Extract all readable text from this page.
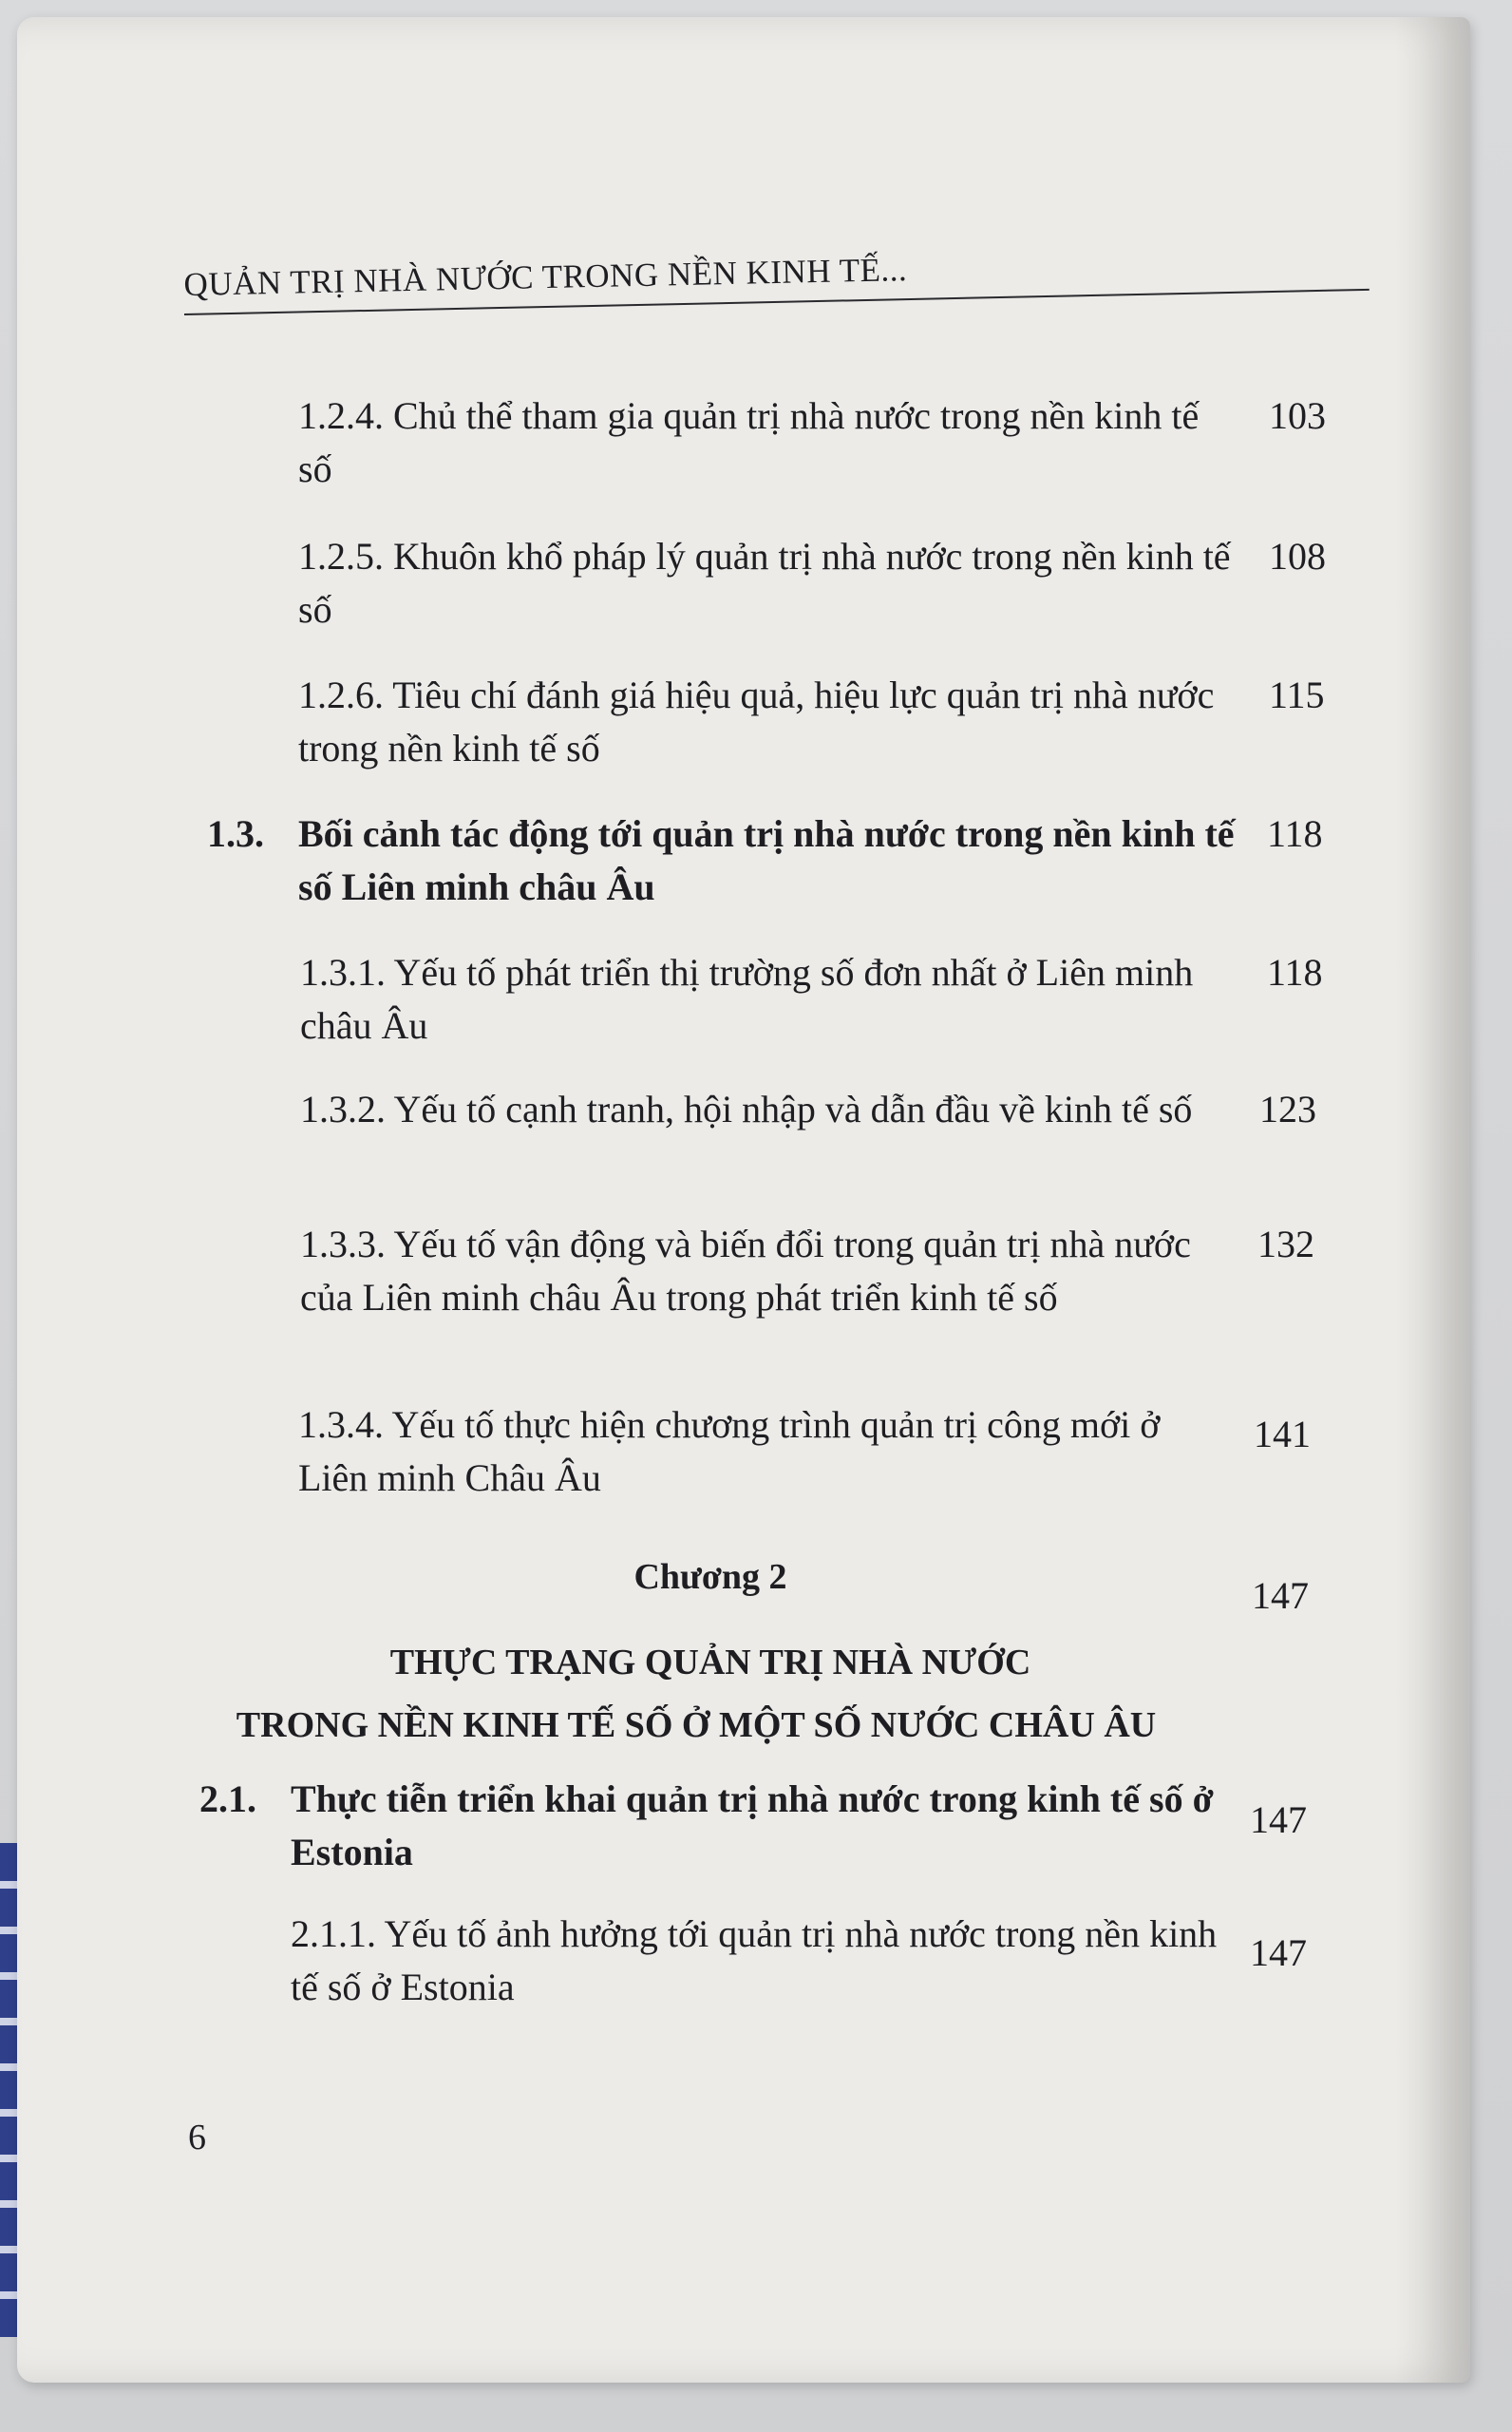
QUẢN TRỊ NHÀ NƯỚC TRONG NỀN KINH TẾ...
1.2.4. Chủ thể tham gia quản trị nhà nước trong nền kinh tế số
103
1.2.5. Khuôn khổ pháp lý quản trị nhà nước trong nền kinh tế số
108
1.2.6. Tiêu chí đánh giá hiệu quả, hiệu lực quản trị nhà nước trong nền kinh tế số
115
1.3. Bối cảnh tác động tới quản trị nhà nước trong nền kinh tế số Liên minh châu Âu
118
1.3.1. Yếu tố phát triển thị trường số đơn nhất ở Liên minh châu Âu
118
1.3.2. Yếu tố cạnh tranh, hội nhập và dẫn đầu về kinh tế số	123
1.3.3. Yếu tố vận động và biến đổi trong quản trị nhà nước của Liên minh châu Âu trong phát triển kinh tế số
132
1.3.4. Yếu tố thực hiện chương trình quản trị công mới ở Liên minh Châu Âu
141
Chương 2	147
THỰC TRẠNG QUẢN TRỊ NHÀ NƯỚC
TRONG NỀN KINH TẾ SỐ Ở MỘT SỐ NƯỚC CHÂU ÂU
2.1. Thực tiễn triển khai quản trị nhà nước trong kinh tế số ở Estonia
147
2.1.1. Yếu tố ảnh hưởng tới quản trị nhà nước trong nền kinh tế số ở Estonia
147
6
